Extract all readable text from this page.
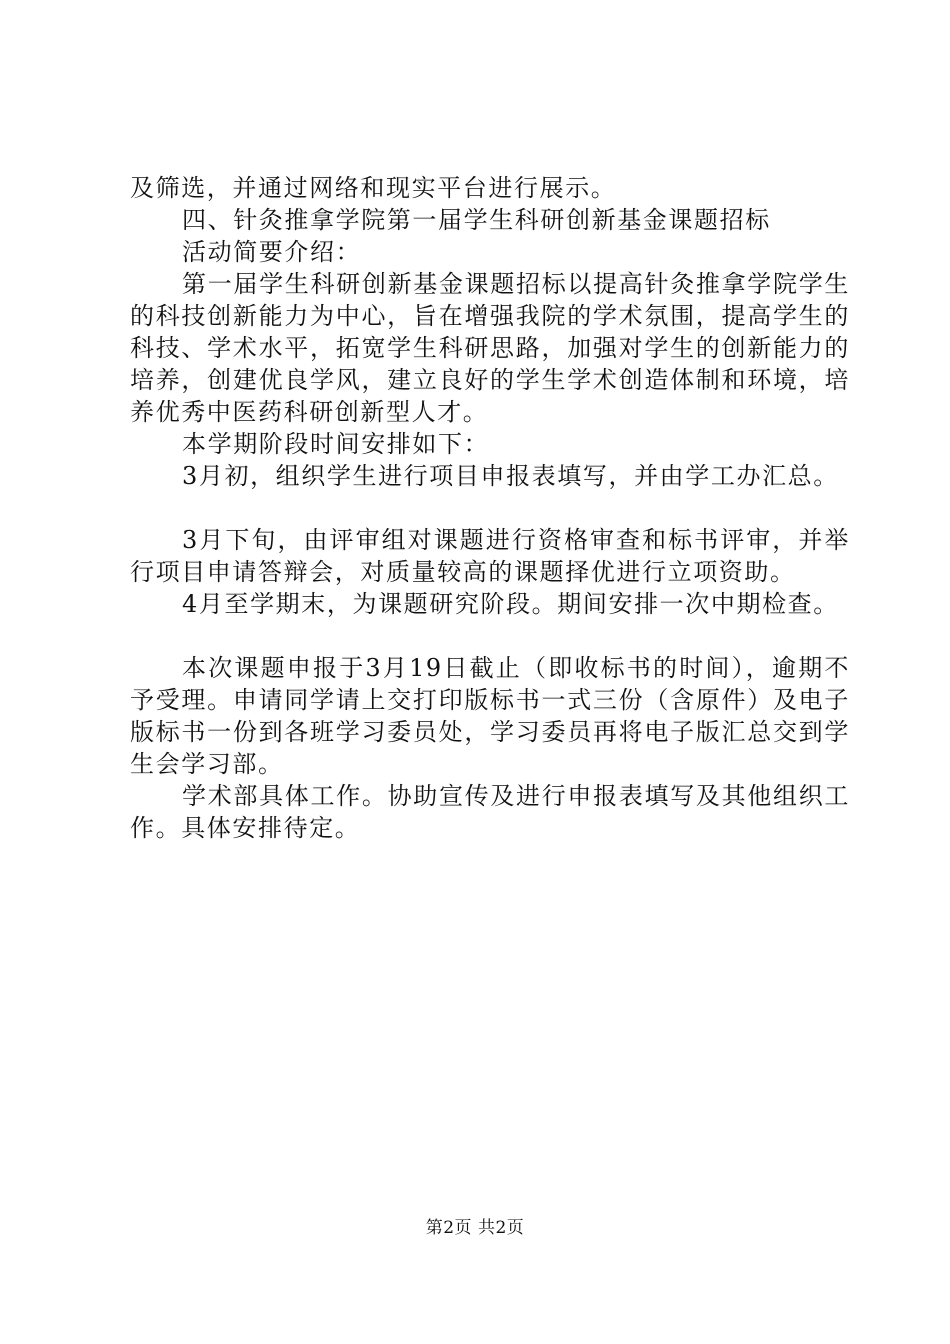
及筛选，并通过网络和现实平台进行展示。

四、针灸推拿学院第一届学生科研创新基金课题招标

活动简要介绍：

第一届学生科研创新基金课题招标以提高针灸推拿学院学生的科技创新能力为中心，旨在增强我院的学术氛围，提高学生的科技、学术水平，拓宽学生科研思路，加强对学生的创新能力的培养，创建优良学风，建立良好的学生学术创造体制和环境，培养优秀中医药科研创新型人才。

本学期阶段时间安排如下：

3月初，组织学生进行项目申报表填写，并由学工办汇总。

3月下旬，由评审组对课题进行资格审查和标书评审，并举行项目申请答辩会，对质量较高的课题择优进行立项资助。

4月至学期末，为课题研究阶段。期间安排一次中期检查。

本次课题申报于3月19日截止（即收标书的时间），逾期不予受理。申请同学请上交打印版标书一式三份（含原件）及电子版标书一份到各班学习委员处，学习委员再将电子版汇总交到学生会学习部。

学术部具体工作。协助宣传及进行申报表填写及其他组织工作。具体安排待定。

第2页 共2页
